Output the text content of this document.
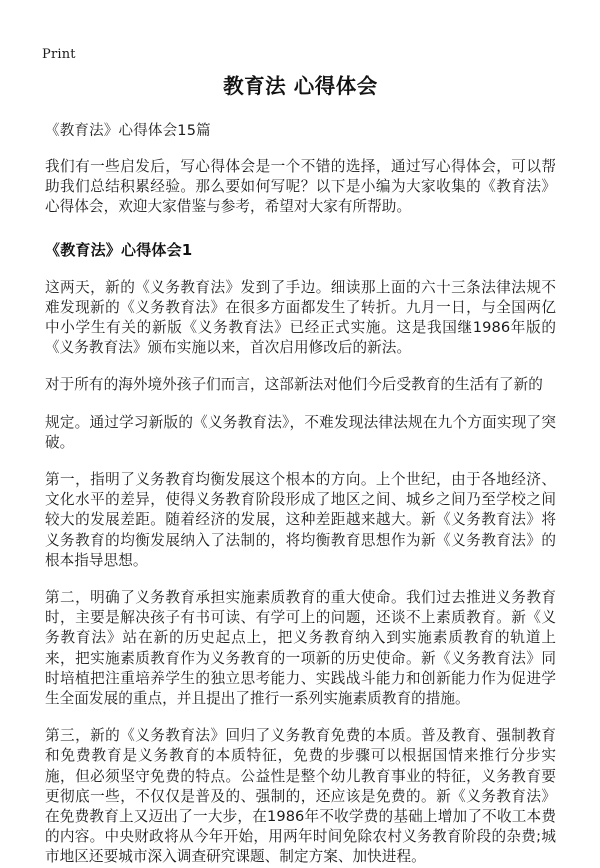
Print
教育法 心得体会
《教育法》心得体会15篇

我们有一些启发后，写心得体会是一个不错的选择，通过写心得体会，可以帮助我们总结积累经验。那么要如何写呢？以下是小编为大家收集的《教育法》心得体会，欢迎大家借鉴与参考，希望对大家有所帮助。

《教育法》心得体会1

这两天，新的《义务教育法》发到了手边。细读那上面的六十三条法律法规不难发现新的《义务教育法》在很多方面都发生了转折。九月一日，与全国两亿中小学生有关的新版《义务教育法》已经正式实施。这是我国继1986年版的《义务教育法》颁布实施以来，首次启用修改后的新法。

对于所有的海外境外孩子们而言，这部新法对他们今后受教育的生活有了新的

规定。通过学习新版的《义务教育法》，不难发现法律法规在九个方面实现了突破。

第一，指明了义务教育均衡发展这个根本的方向。上个世纪，由于各地经济、文化水平的差异，使得义务教育阶段形成了地区之间、城乡之间乃至学校之间较大的发展差距。随着经济的发展，这种差距越来越大。新《义务教育法》将义务教育的均衡发展纳入了法制的，将均衡教育思想作为新《义务教育法》的根本指导思想。

第二，明确了义务教育承担实施素质教育的重大使命。我们过去推进义务教育时，主要是解决孩子有书可读、有学可上的问题，还谈不上素质教育。新《义务教育法》站在新的历史起点上，把义务教育纳入到实施素质教育的轨道上来，把实施素质教育作为义务教育的一项新的历史使命。新《义务教育法》同时培植把注重培养学生的独立思考能力、实践战斗能力和创新能力作为促进学生全面发展的重点，并且提出了推行一系列实施素质教育的措施。

第三，新的《义务教育法》回归了义务教育免费的本质。普及教育、强制教育和免费教育是义务教育的本质特征，免费的步骤可以根据国情来推行分步实施，但必须坚守免费的特点。公益性是整个幼儿教育事业的特征，义务教育要更彻底一些，不仅仅是普及的、强制的，还应该是免费的。新《义务教育法》在免费教育上又迈出了一大步，在1986年不收学费的基础上增加了不收工本费的内容。中央财政将从今年开始，用两年时间免除农村义务教育阶段的杂费;城市地区还要城市深入调查研究课题、制定方案、加快进程。
